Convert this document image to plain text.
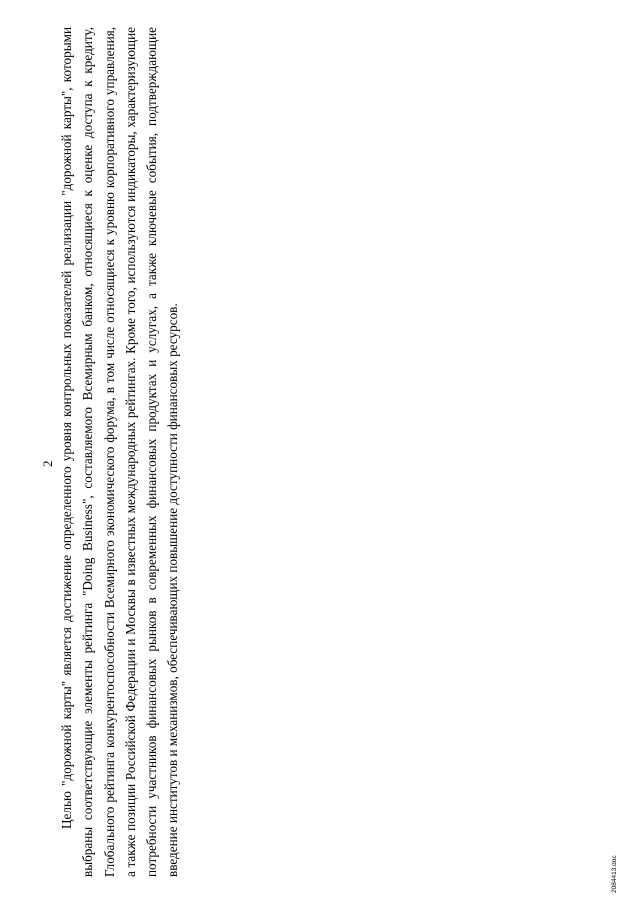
2 Целью "дорожной карты" является достижение определенного уровня контрольных показателей реализации "дорожной карты", которыми выбраны соответствующие элементы рейтинга "Doing Business", составляемого Всемирным банком, относящиеся к оценке доступа к кредиту, Глобального рейтинга конкурентоспособности Всемирного экономического форума, в том числе относящиеся к уровню корпоративного управления, а также позиции Российской Федерации и Москвы в известных международных рейтингах. Кроме того, используются индикаторы, характеризующие потребности участников финансовых рынков в современных финансовых продуктах и услугах, а также ключевые события, подтверждающие введение институтов и механизмов, обеспечивающих повышение доступности финансовых ресурсов.	2084413.doc
